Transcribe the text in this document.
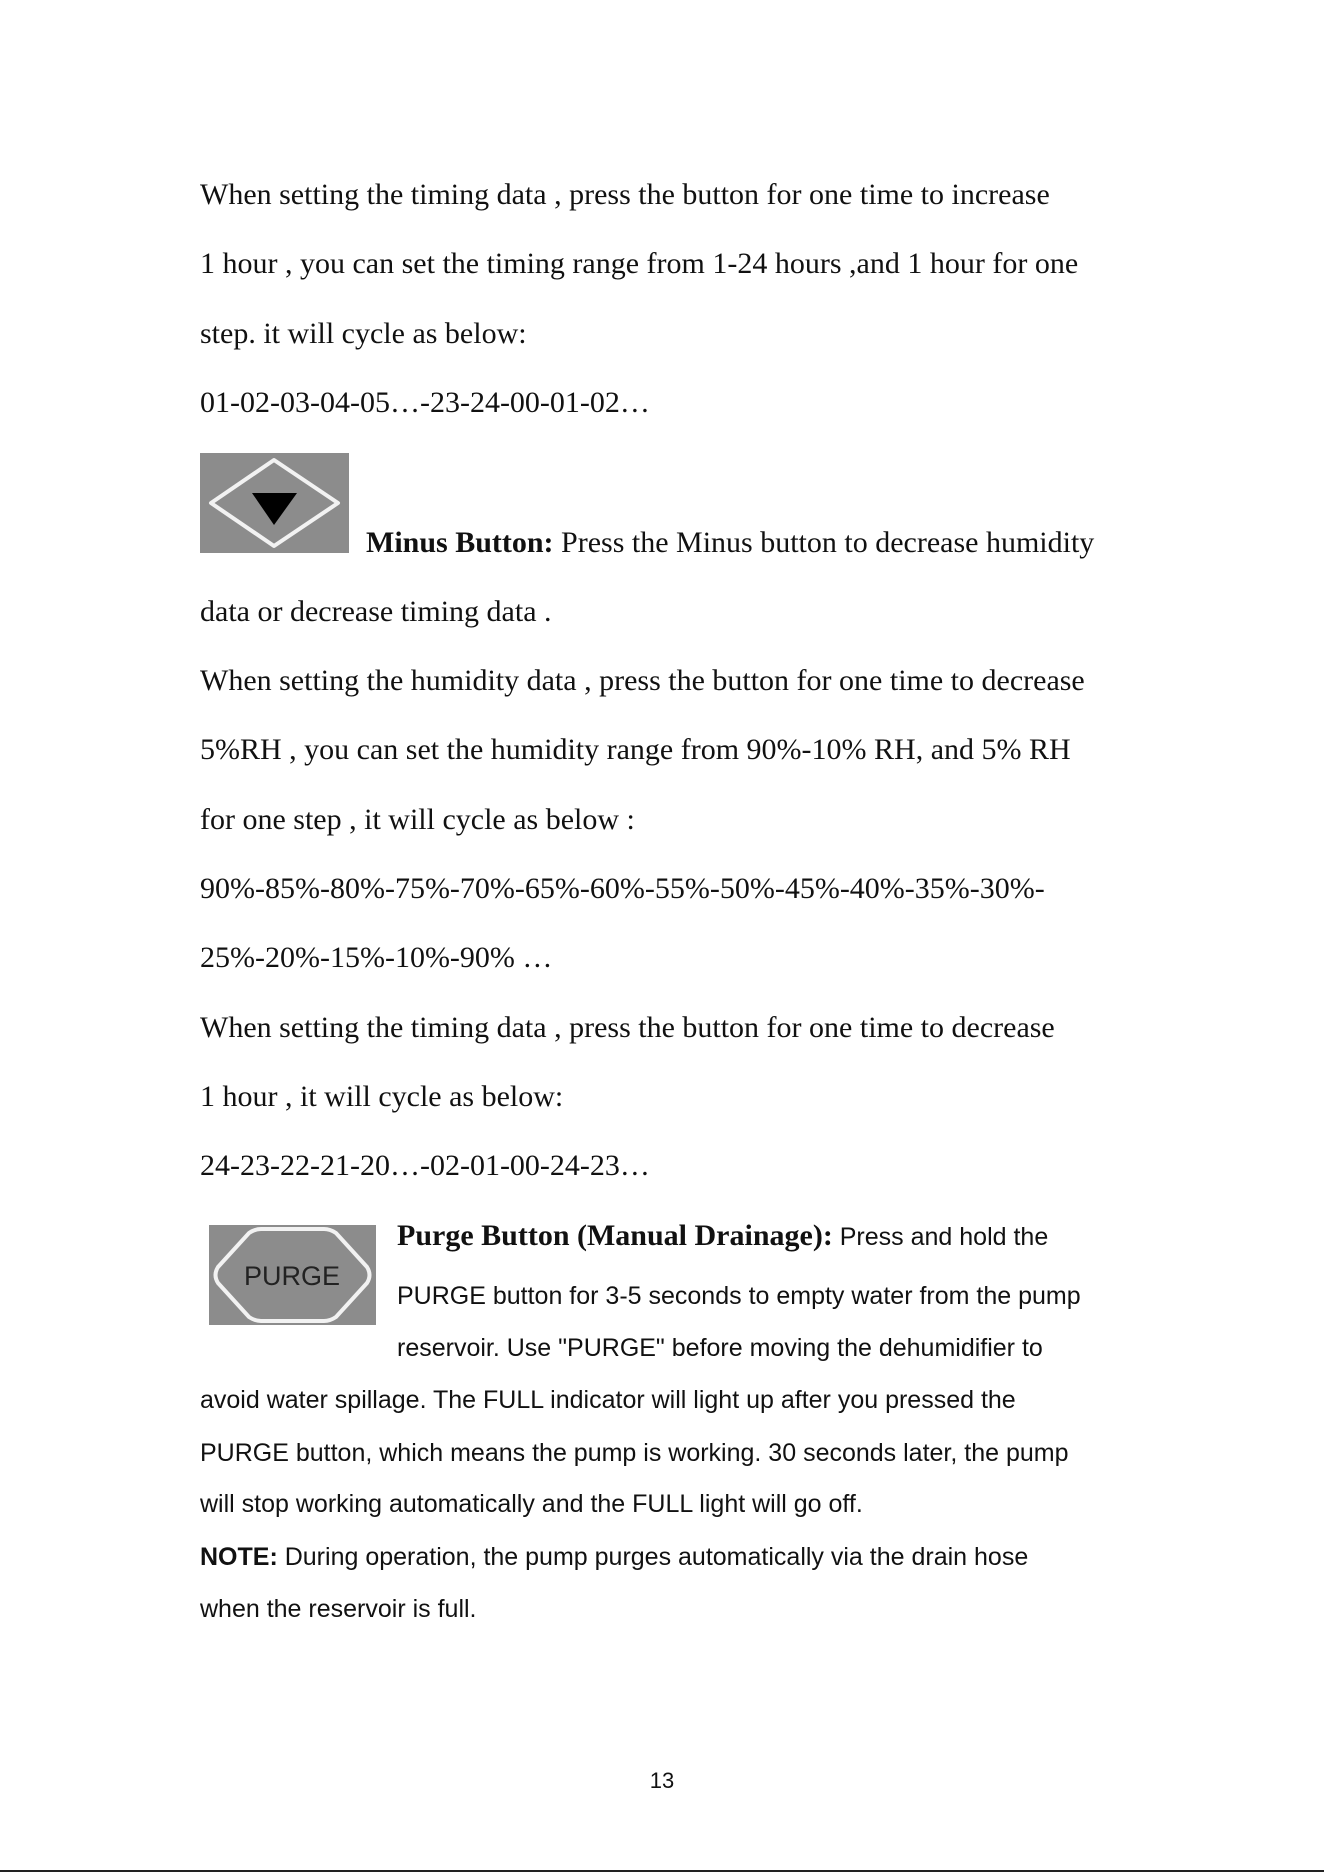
When setting the timing data , press the button for one time to increase
1 hour , you can set the timing range from 1-24 hours ,and 1 hour for one
step. it will cycle as below:
01-02-03-04-05…-23-24-00-01-02…
Minus Button: Press the Minus button to decrease humidity
data or decrease timing data .
When setting the humidity data , press the button for one time to decrease
5%RH , you can set the humidity range from 90%-10% RH, and 5% RH
for one step , it will cycle as below :
90%-85%-80%-75%-70%-65%-60%-55%-50%-45%-40%-35%-30%-
25%-20%-15%-10%-90% …
When setting the timing data , press the button for one time to decrease
1 hour , it will cycle as below:
24-23-22-21-20…-02-01-00-24-23…
PURGE
Purge Button (Manual Drainage): Press and hold the
PURGE button for 3-5 seconds to empty water from the pump
reservoir. Use "PURGE" before moving the dehumidifier to
avoid water spillage. The FULL indicator will light up after you pressed the
PURGE button, which means the pump is working. 30 seconds later, the pump
will stop working automatically and the FULL light will go off.
NOTE: During operation, the pump purges automatically via the drain hose
when the reservoir is full.
13
